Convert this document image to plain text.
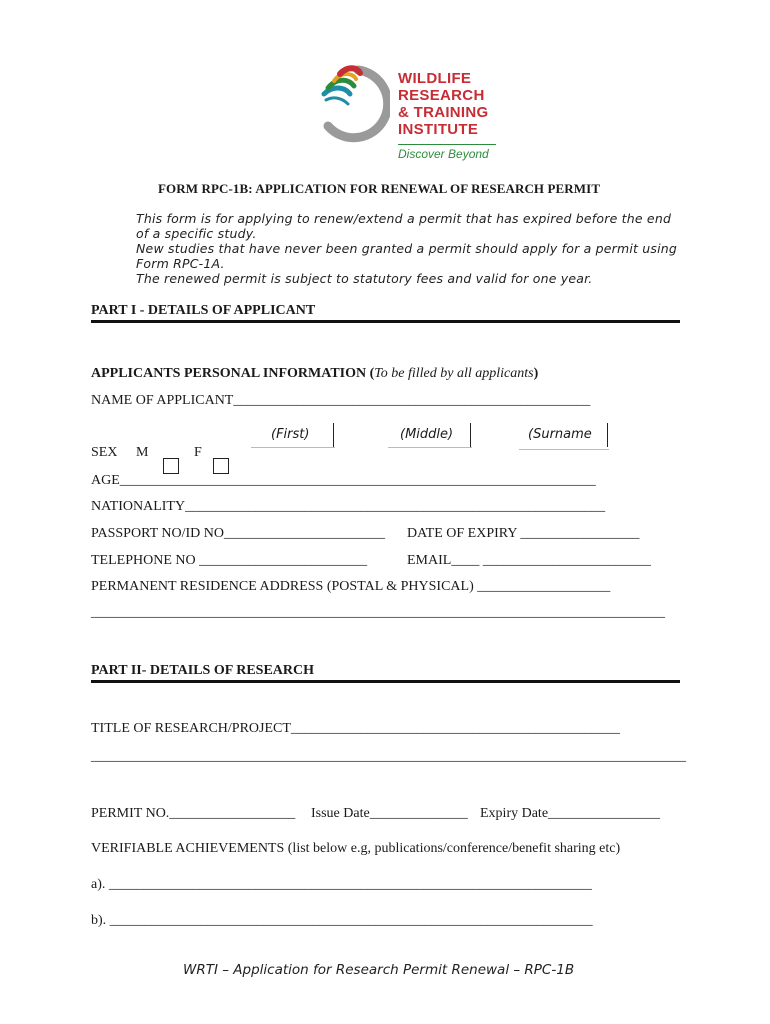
WILDLIFE
RESEARCH
& TRAINING
INSTITUTE
Discover Beyond
FORM RPC-1B: APPLICATION FOR RENEWAL OF RESEARCH PERMIT
This form is for applying to renew/extend a permit that has expired before the end
of a specific study.
New studies that have never been granted a permit should apply for a permit using
Form RPC-1A.
The renewed permit is subject to statutory fees and valid for one year.
PART I - DETAILS OF APPLICANT
APPLICANTS PERSONAL INFORMATION (To be filled by all applicants)
NAME OF APPLICANT___________________________________________________
(First)	(Middle)	(Surname
SEX M	F
AGE____________________________________________________________________
NATIONALITY____________________________________________________________
PASSPORT NO/ID NO_______________________ DATE OF EXPIRY _________________
TELEPHONE NO ________________________	EMAIL____ ________________________
PERMANENT RESIDENCE ADDRESS (POSTAL & PHYSICAL) ___________________
__________________________________________________________________________________
PART II- DETAILS OF RESEARCH
TITLE OF RESEARCH/PROJECT_______________________________________________
_____________________________________________________________________________________
PERMIT NO.__________________ Issue Date______________ Expiry Date________________
VERIFIABLE ACHIEVEMENTS (list below e.g, publications/conference/benefit sharing etc)
a). _____________________________________________________________________
b). _____________________________________________________________________
WRTI – Application for Research Permit Renewal – RPC-1B
